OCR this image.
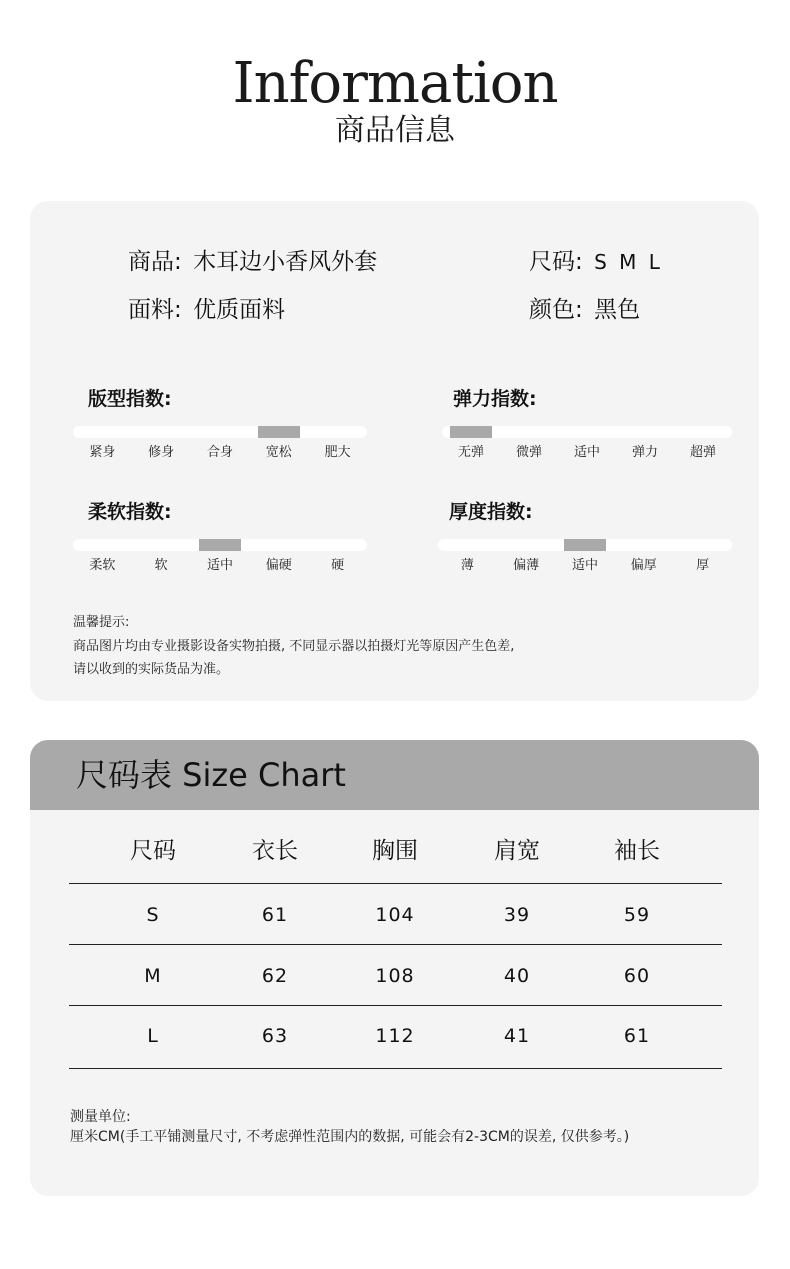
Information
商品信息
商品: 木耳边小香风外套	尺码: S M L
面料: 优质面料	颜色: 黑色
版型指数:
紧身	修身	合身	宽松	肥大
弹力指数:
无弹	微弹	适中	弹力	超弹
柔软指数:
柔软	软	适中	偏硬	硬
厚度指数:
薄	偏薄	适中	偏厚	厚
温馨提示:
商品图片均由专业摄影设备实物拍摄, 不同显示器以拍摄灯光等原因产生色差,
请以收到的实际货品为准。
尺码表 Size Chart
尺码	衣长	胸围	肩宽	袖长
S	61	104	39	59
M	62	108	40	60
L	63	112	41	61
测量单位:
厘米CM(手工平铺测量尺寸, 不考虑弹性范围内的数据, 可能会有2-3CM的误差, 仅供参考。)
